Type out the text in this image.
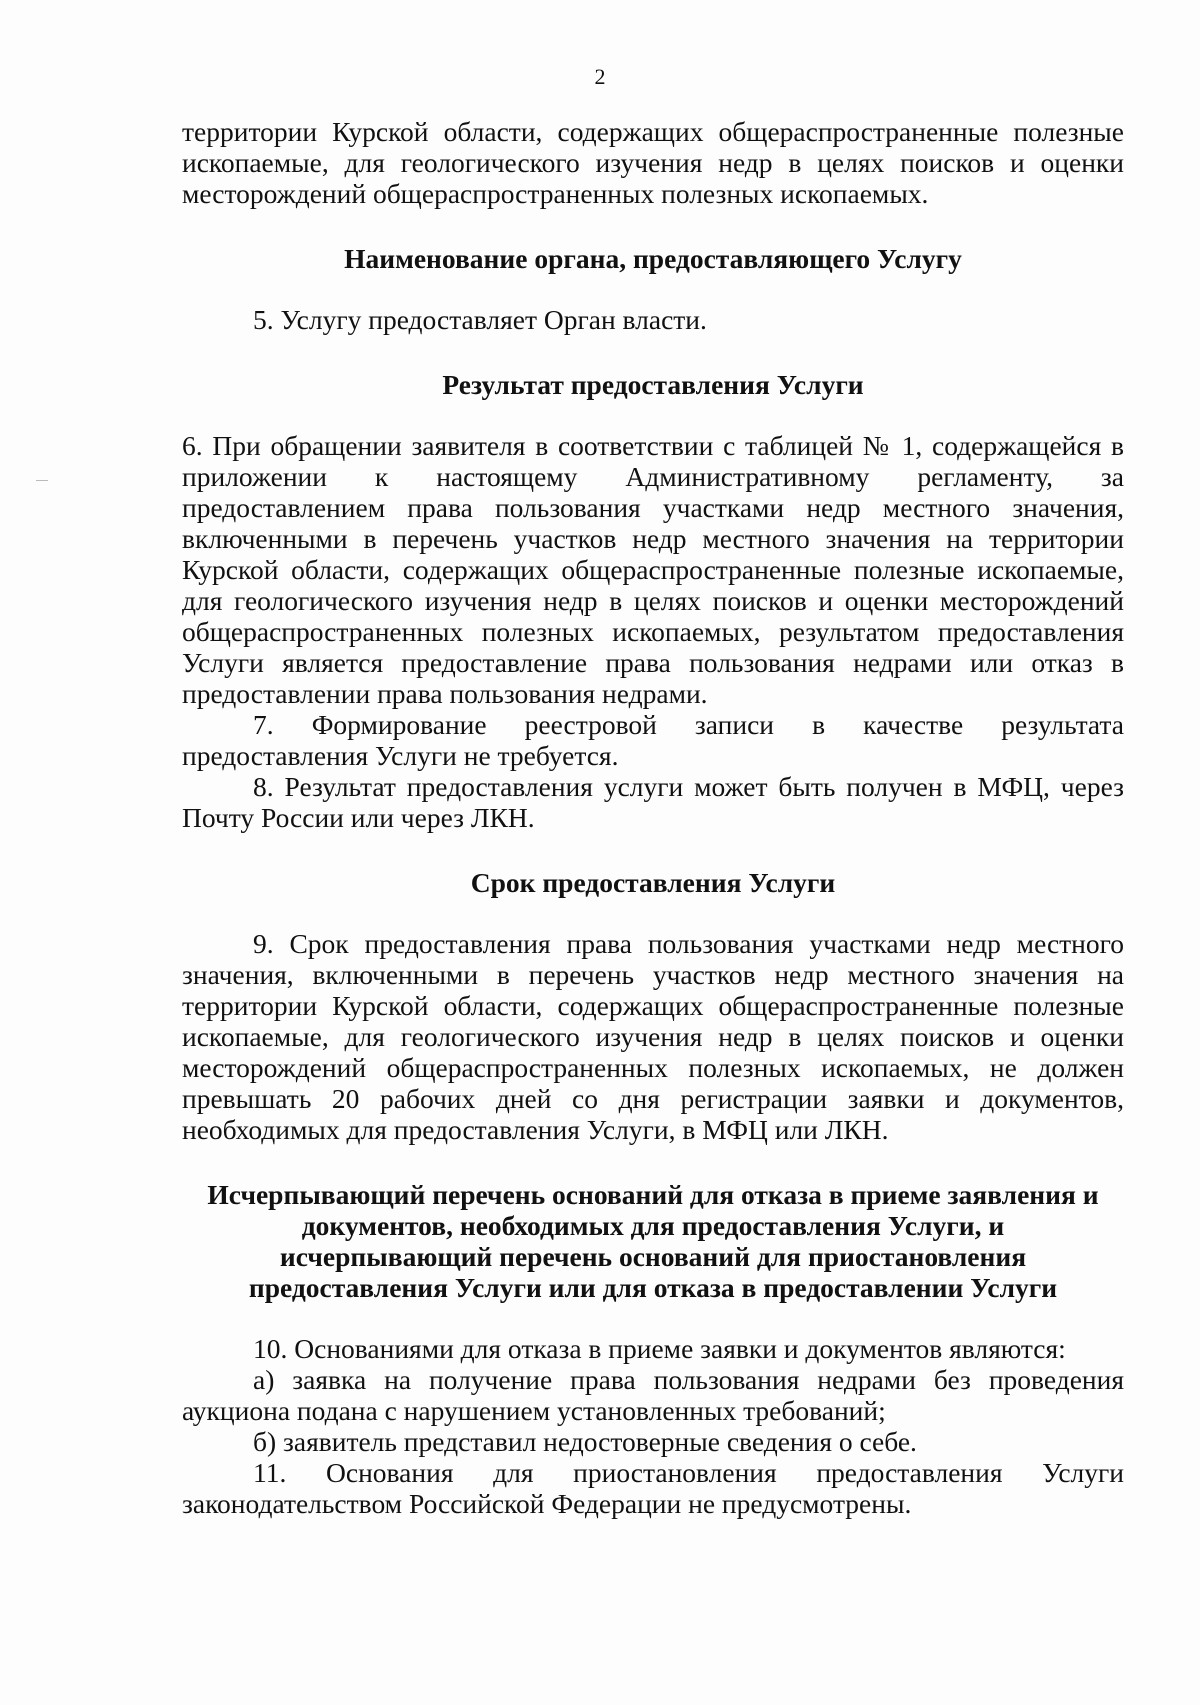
2

территории Курской области, содержащих общераспространенные полезные ископаемые, для геологического изучения недр в целях поисков и оценки месторождений общераспространенных полезных ископаемых.

Наименование органа, предоставляющего Услугу

5. Услугу предоставляет Орган власти.

Результат предоставления Услуги

6. При обращении заявителя в соответствии с таблицей № 1, содержащейся в приложении к настоящему Административному регламенту, за предоставлением права пользования участками недр местного значения, включенными в перечень участков недр местного значения на территории Курской области, содержащих общераспространенные полезные ископаемые, для геологического изучения недр в целях поисков и оценки месторождений общераспространенных полезных ископаемых, результатом предоставления Услуги является предоставление права пользования недрами или отказ в предоставлении права пользования недрами.

7. Формирование реестровой записи в качестве результата предоставления Услуги не требуется.

8. Результат предоставления услуги может быть получен в МФЦ, через Почту России или через ЛКН.

Срок предоставления Услуги

9. Срок предоставления права пользования участками недр местного значения, включенными в перечень участков недр местного значения на территории Курской области, содержащих общераспространенные полезные ископаемые, для геологического изучения недр в целях поисков и оценки месторождений общераспространенных полезных ископаемых, не должен превышать 20 рабочих дней со дня регистрации заявки и документов, необходимых для предоставления Услуги, в МФЦ или ЛКН.

Исчерпывающий перечень оснований для отказа в приеме заявления и
документов, необходимых для предоставления Услуги, и
исчерпывающий перечень оснований для приостановления
предоставления Услуги или для отказа в предоставлении Услуги

10. Основаниями для отказа в приеме заявки и документов являются:

а) заявка на получение права пользования недрами без проведения аукциона подана с нарушением установленных требований;

б) заявитель представил недостоверные сведения о себе.

11. Основания для приостановления предоставления Услуги законодательством Российской Федерации не предусмотрены.
